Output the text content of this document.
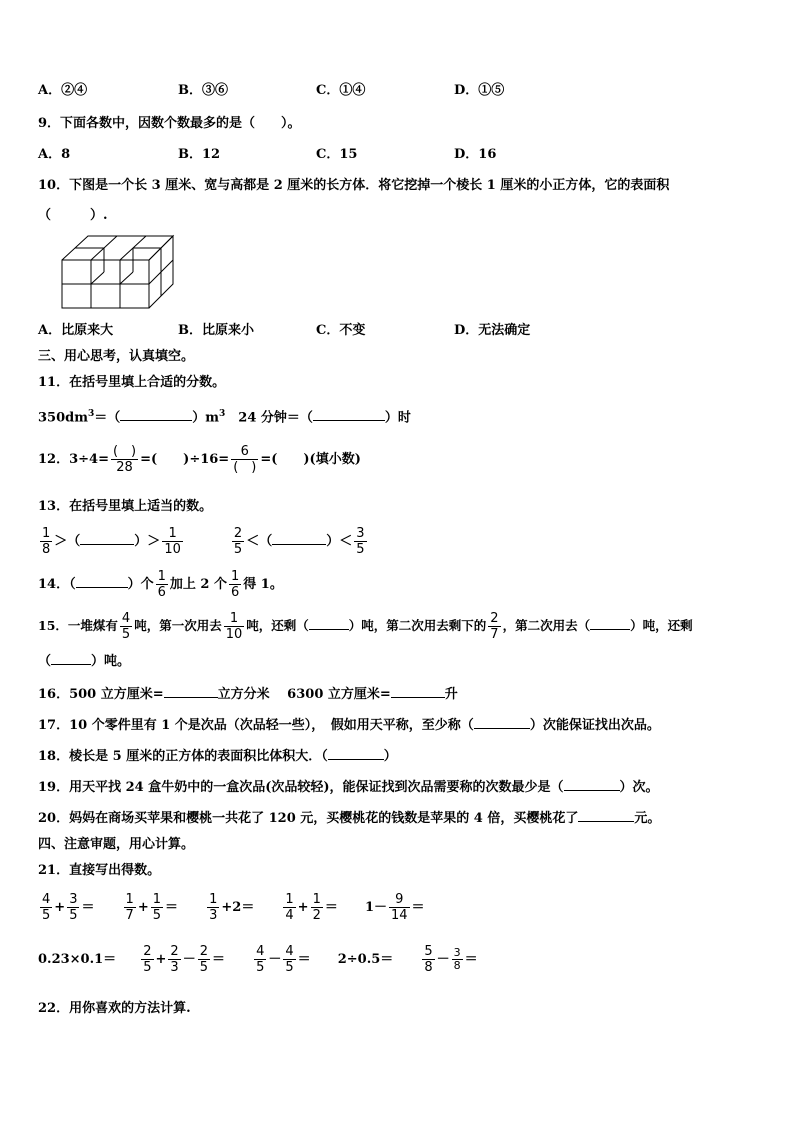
A．②④	B．③⑥	C．①④	D．①⑤
9．下面各数中，因数个数最多的是（　　）。
A．8	B．12	C．15	D．16
10．下图是一个长 3 厘米、宽与高都是 2 厘米的长方体．将它挖掉一个棱长 1 厘米的小正方体，它的表面积
（　　　）.
A．比原来大	B．比原来小	C．不变	D．无法确定
三、用心思考，认真填空。
11．在括号里填上合适的分数。
$350dm^3=$（	）$m^3$　24 分钟＝（	）时
12．$3\div 4= \frac{( )}{28}$ =(　　)$\div 16= \frac{6}{( )}$ =(　　)(填小数)
13．在括号里填上适当的数。
$\frac{1}{8}$ ＞（	）＞ $\frac{1}{10}$
	$\frac{2}{5}$ ＜（	）＜ $\frac{3}{5}$
14．（	）个 $\frac{1}{6}$ 加上 2 个 $\frac{1}{6}$ 得 1。
15．一堆煤有 $\frac{4}{5}$ 吨，第一次用去 $\frac{1}{10}$ 吨，还剩（	）吨，第二次用去剩下的 $\frac{2}{7}$ ，第二次用去（	）吨，还剩
（	）吨。
16．500 立方厘米=	立方分米　 6300 立方厘米=	升
17．10 个零件里有 1 个是次品（次品轻一些），　假如用天平称，至少称（	）次能保证找出次品。
18．棱长是 5 厘米的正方体的表面积比体积大．（	）
19．用天平找 24 盒牛奶中的一盒次品(次品较轻)，能保证找到次品需要称的次数最少是（	）次。
20．妈妈在商场买苹果和樱桃一共花了 120 元，买樱桃花的钱数是苹果的 4 倍，买樱桃花了	元。
四、注意审题，用心计算。
21．直接写出得数。
$\frac{4}{5} + \frac{3}{5} = \frac{1}{7} + \frac{1}{5} = \frac{1}{3} +2= \frac{1}{4} + \frac{1}{2} = 1- \frac{9}{14}$ ＝
$0.23\times 0.1= \frac{2}{5} + \frac{2}{3} - \frac{2}{5} = \frac{4}{5} - \frac{4}{5} = 2\div 0.5= \frac{5}{8} - \frac{3}{8}$ ＝
22．用你喜欢的方法计算.
